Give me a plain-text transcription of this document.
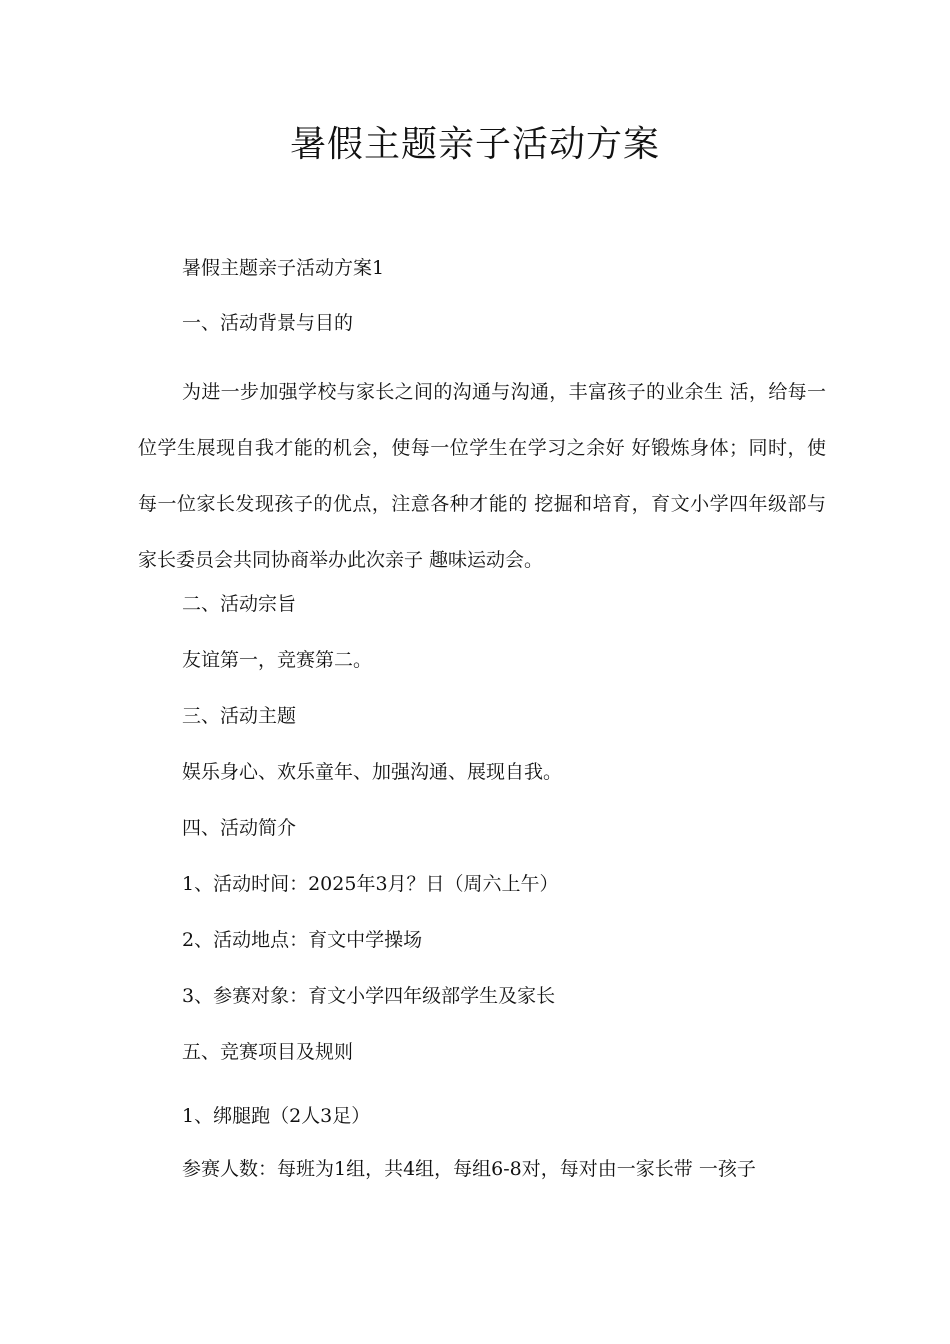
暑假主题亲子活动方案

暑假主题亲子活动方案1

一、活动背景与目的

为进一步加强学校与家长之间的沟通与沟通，丰富孩子的业余生 活，给每一位学生展现自我才能的机会，使每一位学生在学习之余好 好锻炼身体；同时，使每一位家长发现孩子的优点，注意各种才能的 挖掘和培育，育文小学四年级部与家长委员会共同协商举办此次亲子 趣味运动会。

二、活动宗旨

友谊第一，竞赛第二。

三、活动主题

娱乐身心、欢乐童年、加强沟通、展现自我。

四、活动简介

1、活动时间：2025年3月？日（周六上午）

2、活动地点：育文中学操场

3、参赛对象：育文小学四年级部学生及家长

五、竞赛项目及规则

1、绑腿跑（2人3足）

参赛人数：每班为1组，共4组，每组6-8对，每对由一家长带 一孩子
